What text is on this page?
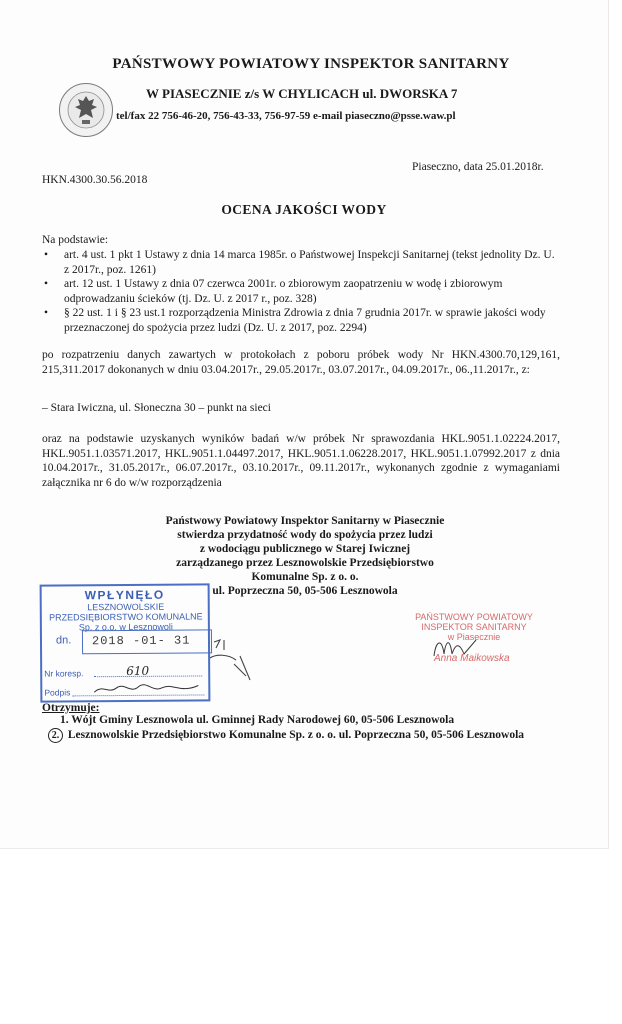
PAŃSTWOWY POWIATOWY INSPEKTOR SANITARNY
W PIASECZNIE z/s W CHYLICACH ul. DWORSKA 7
tel/fax 22 756-46-20, 756-43-33, 756-97-59 e-mail piaseczno@psse.waw.pl
Piaseczno, data 25.01.2018r.
HKN.4300.30.56.2018
OCENA JAKOŚCI WODY
Na podstawie:
• art. 4 ust. 1 pkt 1 Ustawy z dnia 14 marca 1985r. o Państwowej Inspekcji Sanitarnej (tekst jednolity Dz. U. z 2017r., poz. 1261)
• art. 12 ust. 1 Ustawy z dnia 07 czerwca 2001r. o zbiorowym zaopatrzeniu w wodę i zbiorowym odprowadzaniu ścieków (tj. Dz. U. z 2017 r., poz. 328)
• § 22 ust. 1 i § 23 ust.1 rozporządzenia Ministra Zdrowia z dnia 7 grudnia 2017r. w sprawie jakości wody przeznaczonej do spożycia przez ludzi (Dz. U. z 2017, poz. 2294)
po rozpatrzeniu danych zawartych w protokołach z poboru próbek wody Nr HKN.4300.70,129,161, 215,311.2017 dokonanych w dniu 03.04.2017r., 29.05.2017r., 03.07.2017r., 04.09.2017r., 06.,11.2017r., z:
– Stara Iwiczna, ul. Słoneczna 30 – punkt na sieci
oraz na podstawie uzyskanych wyników badań w/w próbek Nr sprawozdania HKL.9051.1.02224.2017, HKL.9051.1.03571.2017, HKL.9051.1.04497.2017, HKL.9051.1.06228.2017, HKL.9051.1.07992.2017 z dnia 10.04.2017r., 31.05.2017r., 06.07.2017r., 03.10.2017r., 09.11.2017r., wykonanych zgodnie z wymaganiami załącznika nr 6 do w/w rozporządzenia
Państwowy Powiatowy Inspektor Sanitarny w Piasecznie
stwierdza przydatność wody do spożycia przez ludzi
z wodociągu publicznego w Starej Iwicznej
zarządzanego przez Lesznowolskie Przedsiębiorstwo
Komunalne Sp. z o. o.
ul. Poprzeczna 50, 05-506 Lesznowola
WPŁYNĘŁO
LESZNOWOLSKIE PRZEDSIĘBIORSTWO KOMUNALNE Sp. z o.o. w Lesznowoli
dn. 2018 -01- 31
Nr koresp.	610
Podpis
PAŃSTWOWY POWIATOWY
INSPEKTOR SANITARNY
w Piasecznie
Anna Maikowska
Otrzymuje:
1. Wójt Gminy Lesznowola ul. Gminnej Rady Narodowej 60, 05-506 Lesznowola
2. Lesznowolskie Przedsiębiorstwo Komunalne Sp. z o. o. ul. Poprzeczna 50, 05-506 Lesznowola
